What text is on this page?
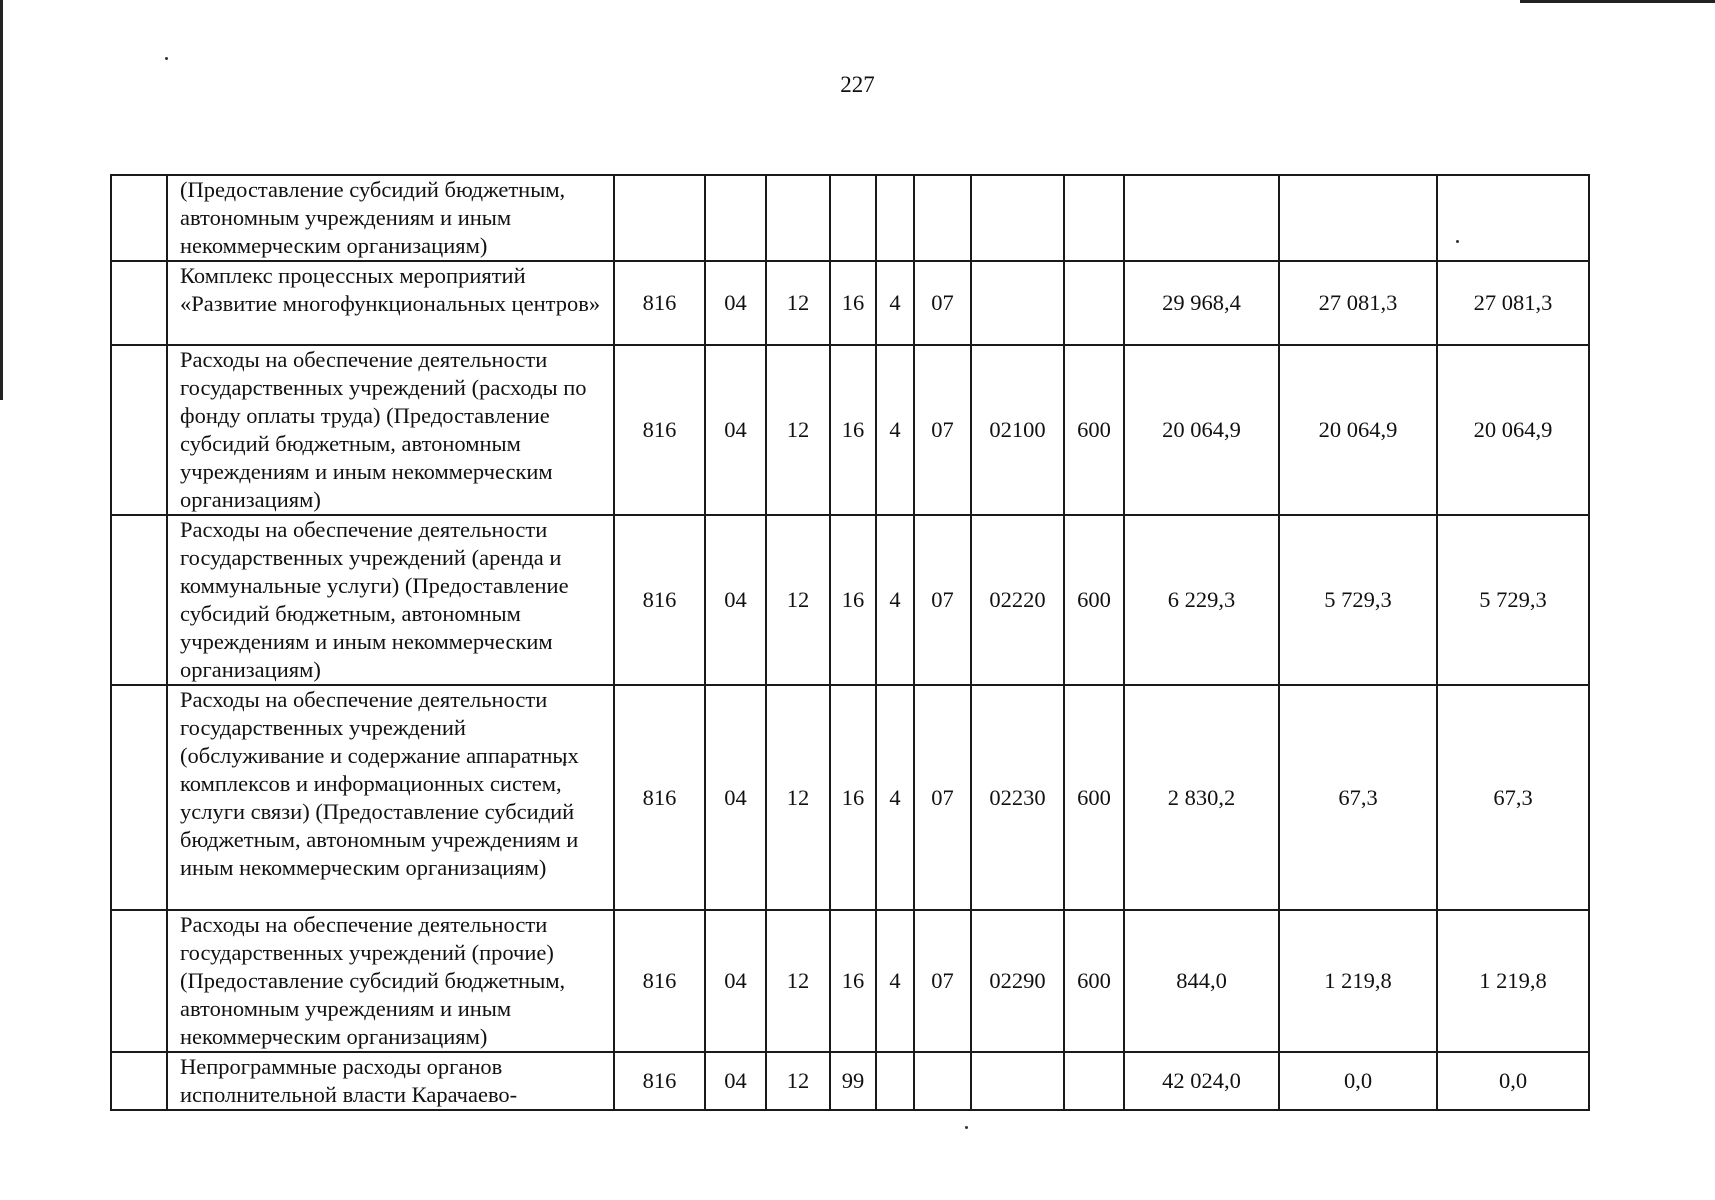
227
	(Предоставление субсидий бюджетным, автономным учреждениям и иным некоммерческим организациям)											
	Комплекс процессных мероприятий «Развитие многофункциональных центров»	816	04	12	16	4	07			29 968,4	27 081,3	27 081,3
	Расходы на обеспечение деятельности государственных учреждений (расходы по фонду оплаты труда) (Предоставление субсидий бюджетным, автономным учреждениям и иным некоммерческим организациям)	816	04	12	16	4	07	02100	600	20 064,9	20 064,9	20 064,9
	Расходы на обеспечение деятельности государственных учреждений (аренда и коммунальные услуги) (Предоставление субсидий бюджетным, автономным учреждениям и иным некоммерческим организациям)	816	04	12	16	4	07	02220	600	6 229,3	5 729,3	5 729,3
	Расходы на обеспечение деятельности государственных учреждений (обслуживание и содержание аппаратных комплексов и информационных систем, услуги связи) (Предоставление субсидий бюджетным, автономным учреждениям и иным некоммерческим организациям)	816	04	12	16	4	07	02230	600	2 830,2	67,3	67,3
	Расходы на обеспечение деятельности государственных учреждений (прочие) (Предоставление субсидий бюджетным, автономным учреждениям и иным некоммерческим организациям)	816	04	12	16	4	07	02290	600	844,0	1 219,8	1 219,8
	Непрограммные расходы органов исполнительной власти Карачаево-	816	04	12	99					42 024,0	0,0	0,0
